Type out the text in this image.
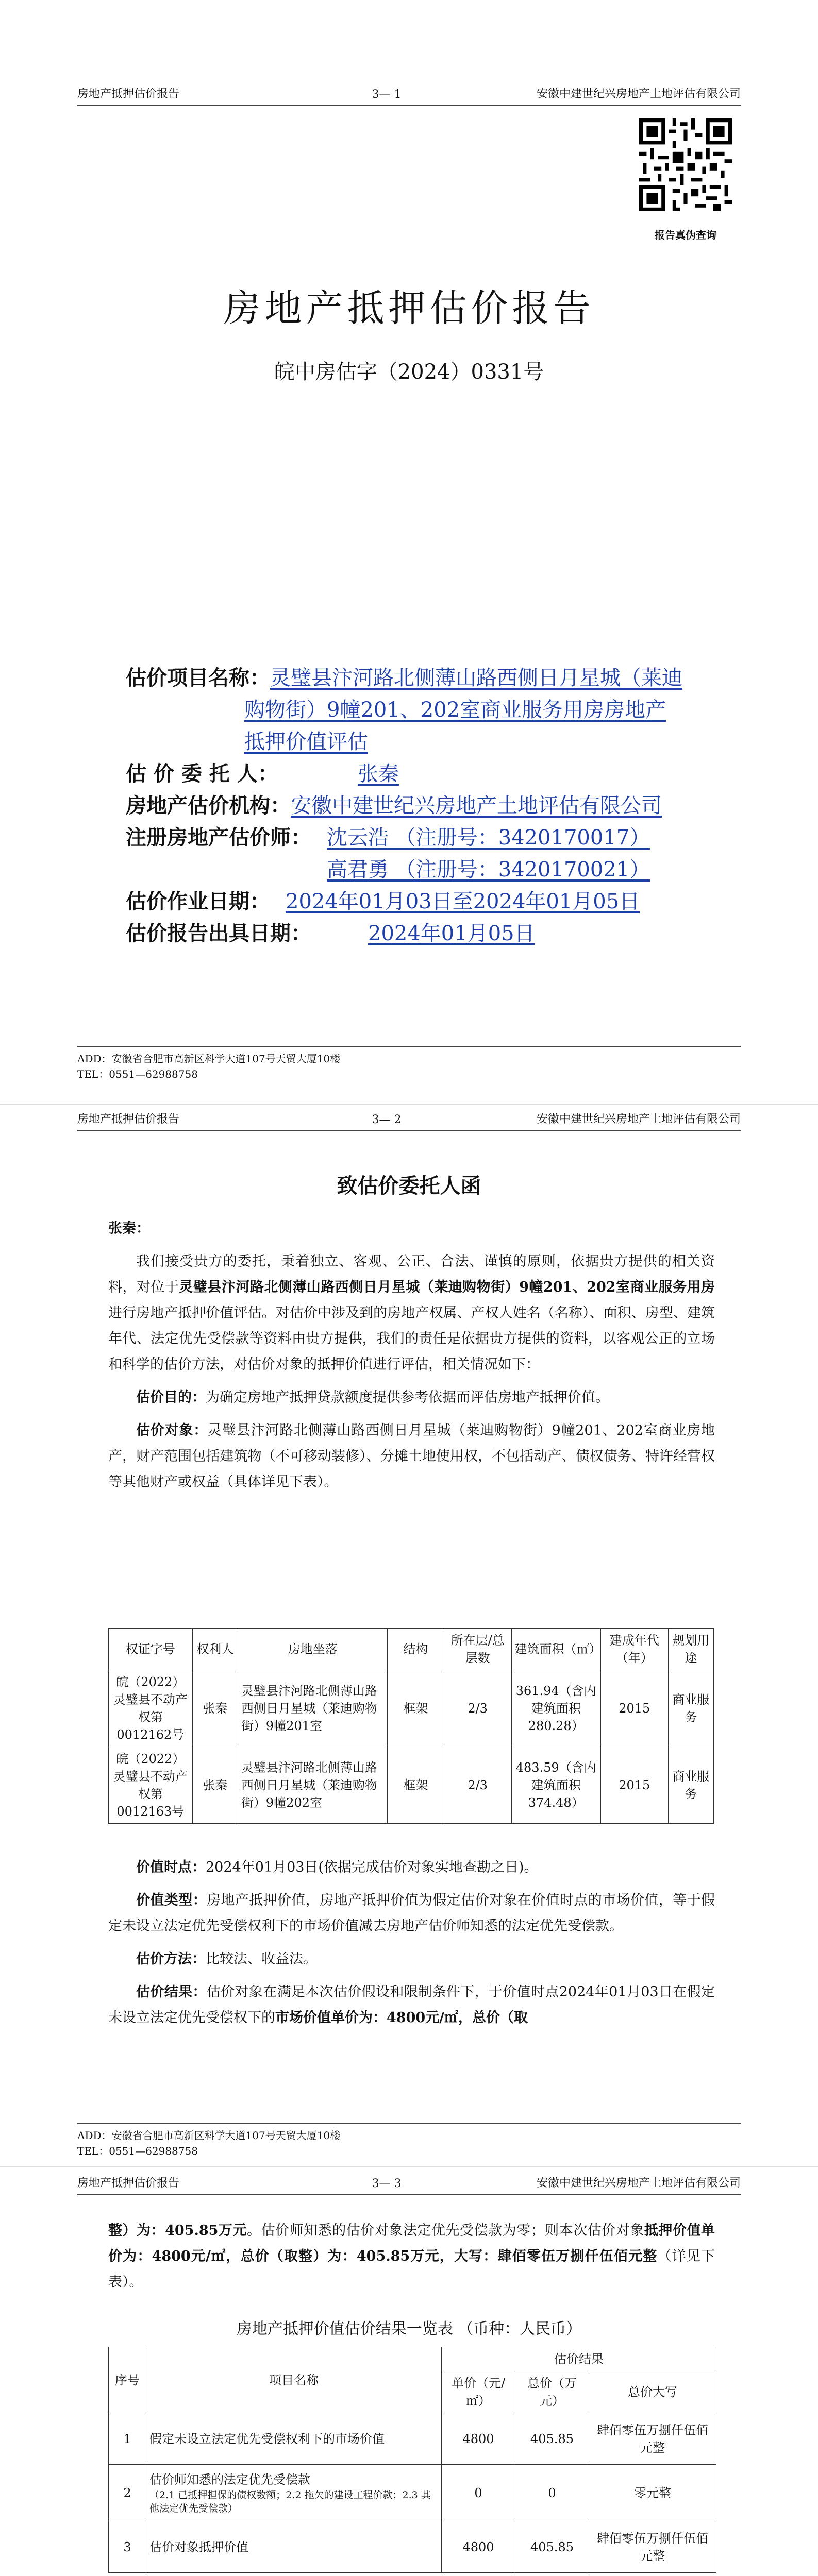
房地产抵押估价报告	3— 1	安徽中建世纪兴房地产土地评估有限公司
报告真伪查询
房地产抵押估价报告
皖中房估字（2024）0331号
估价项目名称：灵璧县汴河路北侧薄山路西侧日月星城（莱迪
购物街）9幢201、202室商业服务用房房地产
抵押价值评估
估 价 委 托 人：	张秦
房地产估价机构：安徽中建世纪兴房地产土地评估有限公司
注册房地产估价师： 沈云浩 （注册号：3420170017）
高君勇 （注册号：3420170021）
估价作业日期： 2024年01月03日至2024年01月05日
估价报告出具日期：	2024年01月05日
ADD：安徽省合肥市高新区科学大道107号天贸大厦10楼
TEL：0551—62988758
房地产抵押估价报告	3— 2	安徽中建世纪兴房地产土地评估有限公司
致估价委托人函

张秦：

我们接受贵方的委托，秉着独立、客观、公正、合法、谨慎的原则，依据贵方提供的相关资料，对位于灵璧县汴河路北侧薄山路西侧日月星城（莱迪购物街）9幢201、202室商业服务用房进行房地产抵押价值评估。对估价中涉及到的房地产权属、产权人姓名（名称）、面积、房型、建筑年代、法定优先受偿款等资料由贵方提供，我们的责任是依据贵方提供的资料，以客观公正的立场和科学的估价方法，对估价对象的抵押价值进行评估，相关情况如下：

估价目的：为确定房地产抵押贷款额度提供参考依据而评估房地产抵押价值。

估价对象：灵璧县汴河路北侧薄山路西侧日月星城（莱迪购物街）9幢201、202室商业房地产，财产范围包括建筑物（不可移动装修）、分摊土地使用权，不包括动产、债权债务、特许经营权等其他财产或权益（具体详见下表）。

权证字号	权利人	房地坐落	结构	所在层/总层数	建筑面积（㎡）	建成年代（年）	规划用途
皖（2022）灵璧县不动产权第0012162号	张秦	灵璧县汴河路北侧薄山路西侧日月星城（莱迪购物街）9幢201室	框架	2/3	361.94（含内建筑面积280.28）	2015	商业服务
皖（2022）灵璧县不动产权第0012163号	张秦	灵璧县汴河路北侧薄山路西侧日月星城（莱迪购物街）9幢202室	框架	2/3	483.59（含内建筑面积374.48）	2015	商业服务

价值时点：2024年01月03日(依据完成估价对象实地查勘之日)。

价值类型：房地产抵押价值，房地产抵押价值为假定估价对象在价值时点的市场价值，等于假定未设立法定优先受偿权利下的市场价值减去房地产估价师知悉的法定优先受偿款。

估价方法：比较法、收益法。

估价结果：估价对象在满足本次估价假设和限制条件下，于价值时点2024年01月03日在假定未设立法定优先受偿权下的市场价值单价为：4800元/㎡，总价（取

ADD：安徽省合肥市高新区科学大道107号天贸大厦10楼
TEL：0551—62988758
房地产抵押估价报告	3— 3	安徽中建世纪兴房地产土地评估有限公司

整）为：405.85万元。估价师知悉的估价对象法定优先受偿款为零；则本次估价对象抵押价值单价为：4800元/㎡，总价（取整）为：405.85万元，大写：肆佰零伍万捌仟伍佰元整（详见下表）。

房地产抵押价值估价结果一览表 （币种：人民币）
序号	项目名称	估价结果		
		单价（元/㎡）	总价（万元）	总价大写
1	假定未设立法定优先受偿权利下的市场价值	4800	405.85	肆佰零伍万捌仟伍佰元整
2	估价师知悉的法定优先受偿款
（2.1 已抵押担保的债权数额；2.2 拖欠的建设工程价款；2.3 其他法定优先受偿款）	0	0	零元整
3	估价对象抵押价值	4800	405.85	肆佰零伍万捌仟伍佰元整
